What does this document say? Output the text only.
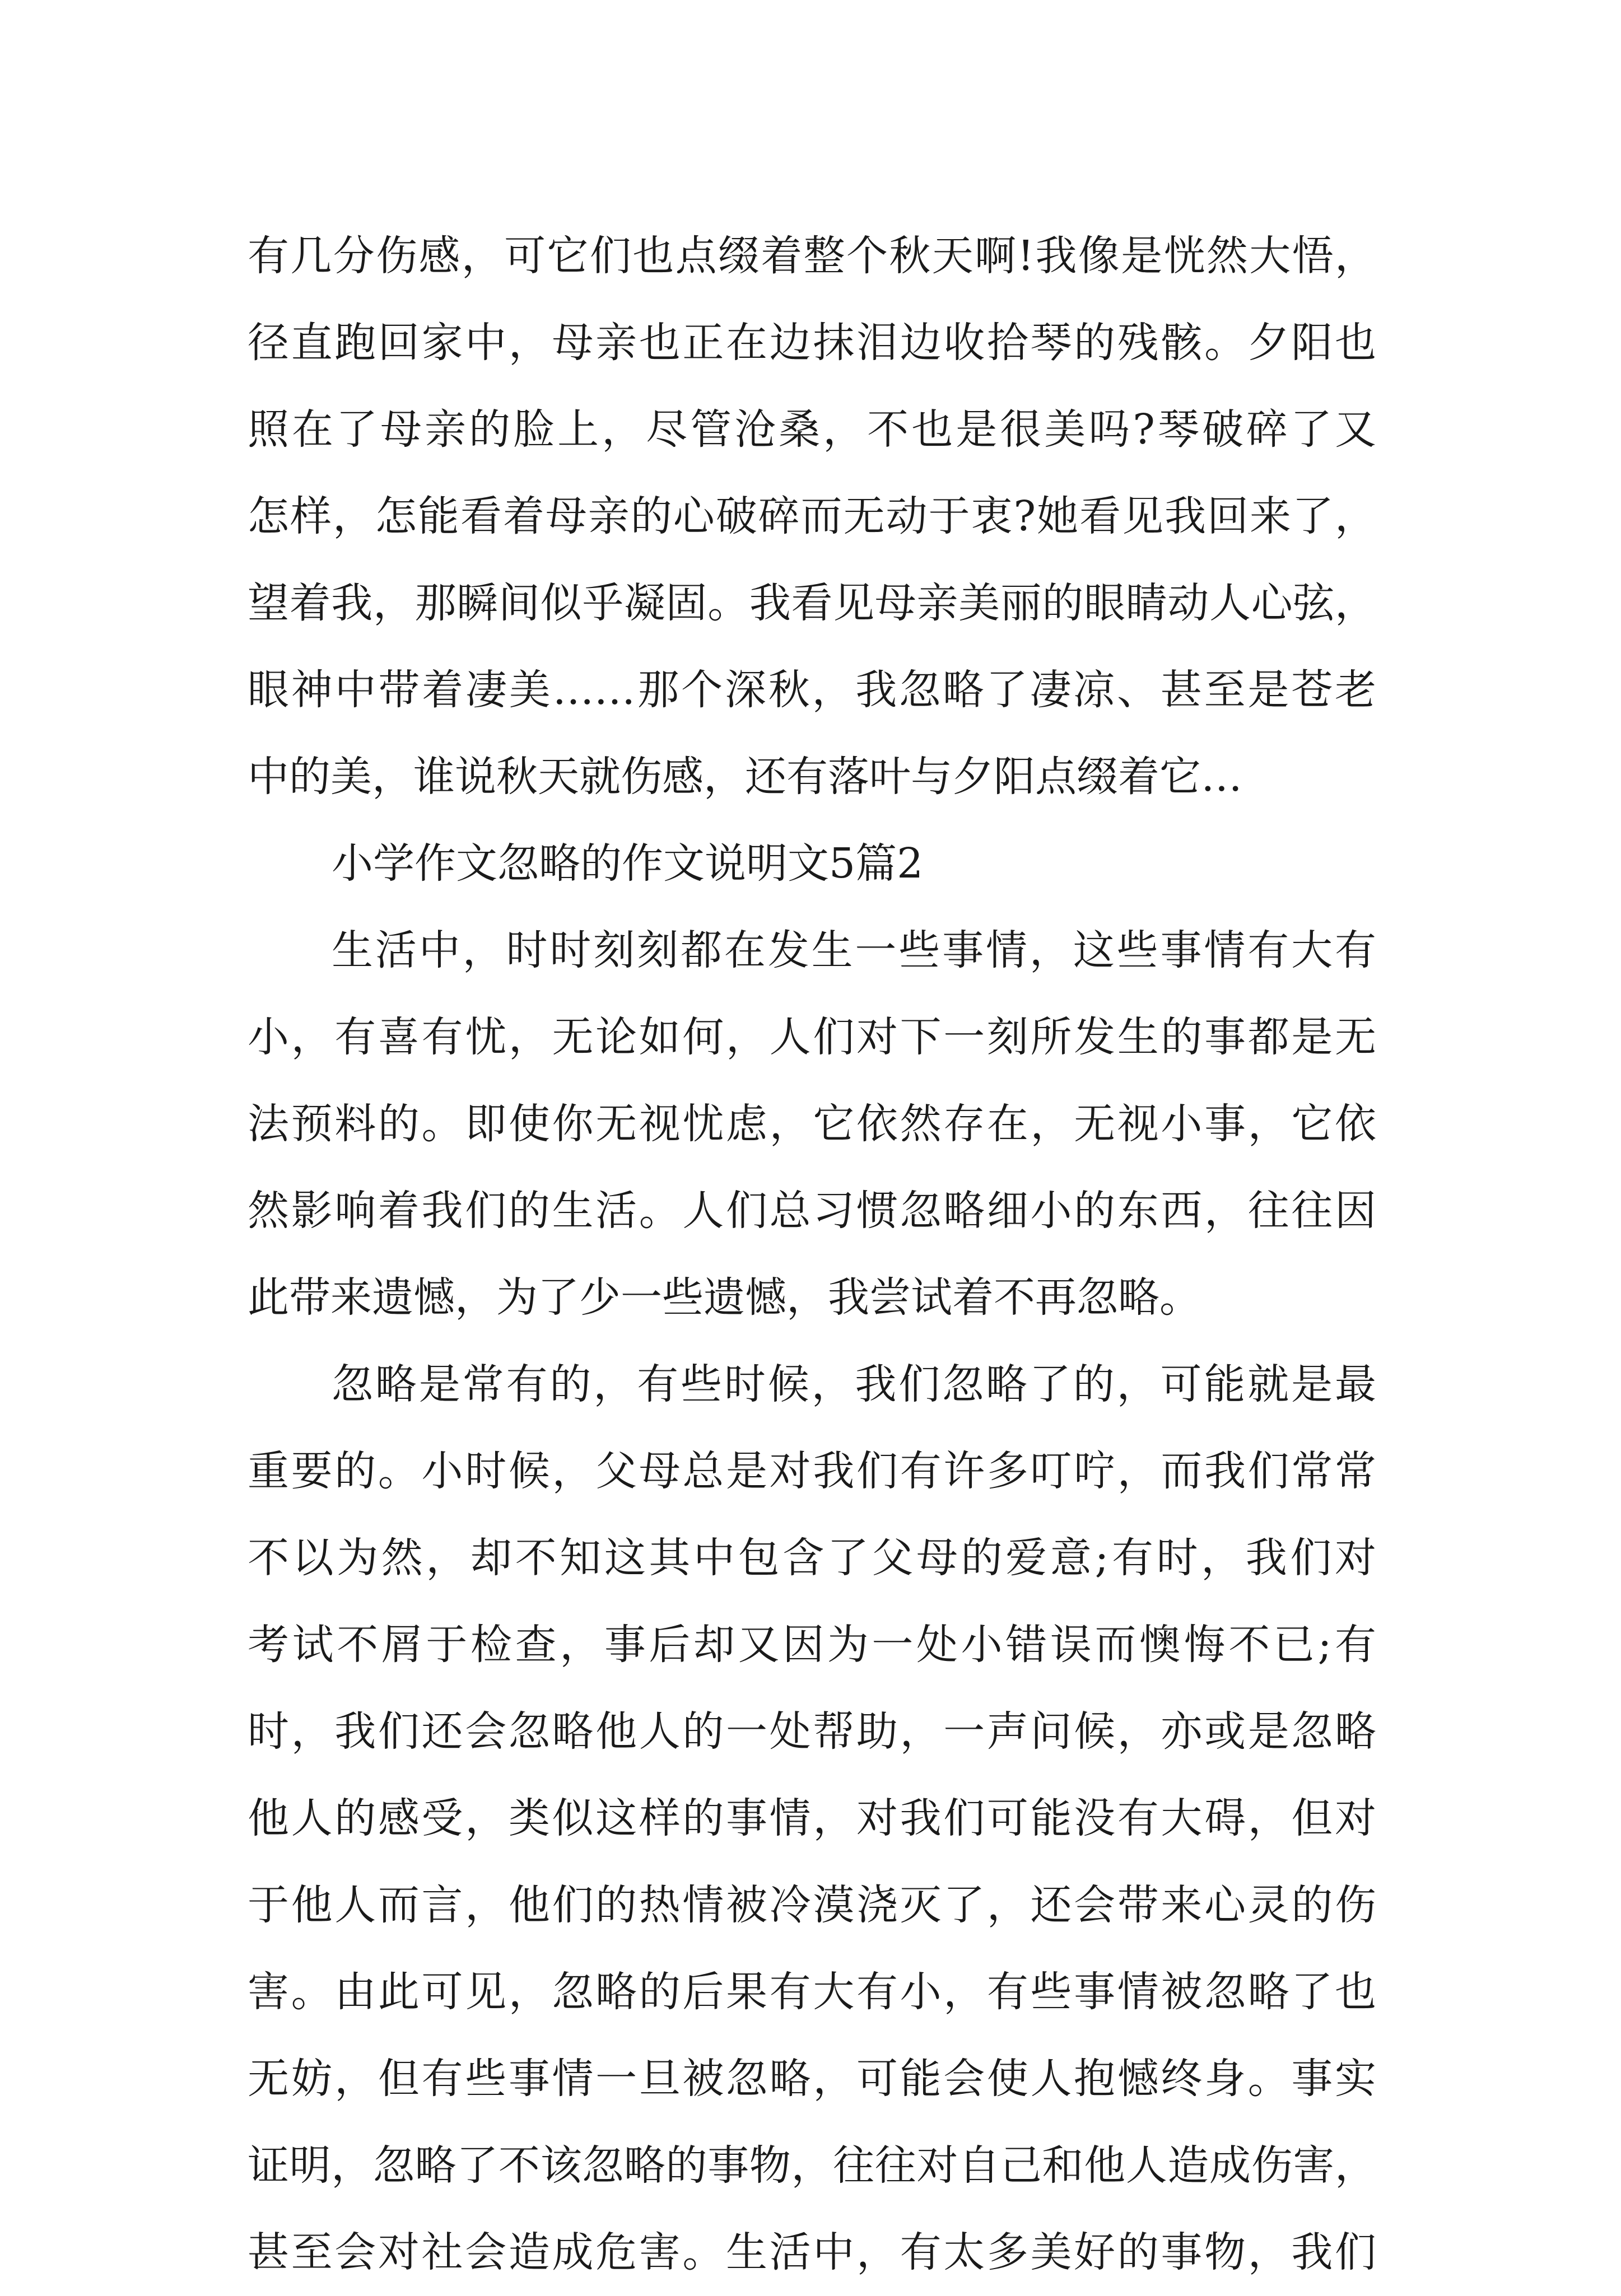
有几分伤感，可它们也点缀着整个秋天啊!我像是恍然大悟，
径直跑回家中，母亲也正在边抹泪边收拾琴的残骸。夕阳也
照在了母亲的脸上，尽管沧桑，不也是很美吗?琴破碎了又
怎样，怎能看着母亲的心破碎而无动于衷?她看见我回来了，
望着我，那瞬间似乎凝固。我看见母亲美丽的眼睛动人心弦，
眼神中带着凄美……那个深秋，我忽略了凄凉、甚至是苍老
中的美，谁说秋天就伤感，还有落叶与夕阳点缀着它…
小学作文忽略的作文说明文5篇2
生活中，时时刻刻都在发生一些事情，这些事情有大有
小，有喜有忧，无论如何，人们对下一刻所发生的事都是无
法预料的。即使你无视忧虑，它依然存在，无视小事，它依
然影响着我们的生活。人们总习惯忽略细小的东西，往往因
此带来遗憾，为了少一些遗憾，我尝试着不再忽略。
忽略是常有的，有些时候，我们忽略了的，可能就是最
重要的。小时候，父母总是对我们有许多叮咛，而我们常常
不以为然，却不知这其中包含了父母的爱意;有时，我们对
考试不屑于检查，事后却又因为一处小错误而懊悔不已;有
时，我们还会忽略他人的一处帮助，一声问候，亦或是忽略
他人的感受，类似这样的事情，对我们可能没有大碍，但对
于他人而言，他们的热情被冷漠浇灭了，还会带来心灵的伤
害。由此可见，忽略的后果有大有小，有些事情被忽略了也
无妨，但有些事情一旦被忽略，可能会使人抱憾终身。事实
证明，忽略了不该忽略的事物，往往对自己和他人造成伤害，
甚至会对社会造成危害。生活中，有太多美好的事物，我们
